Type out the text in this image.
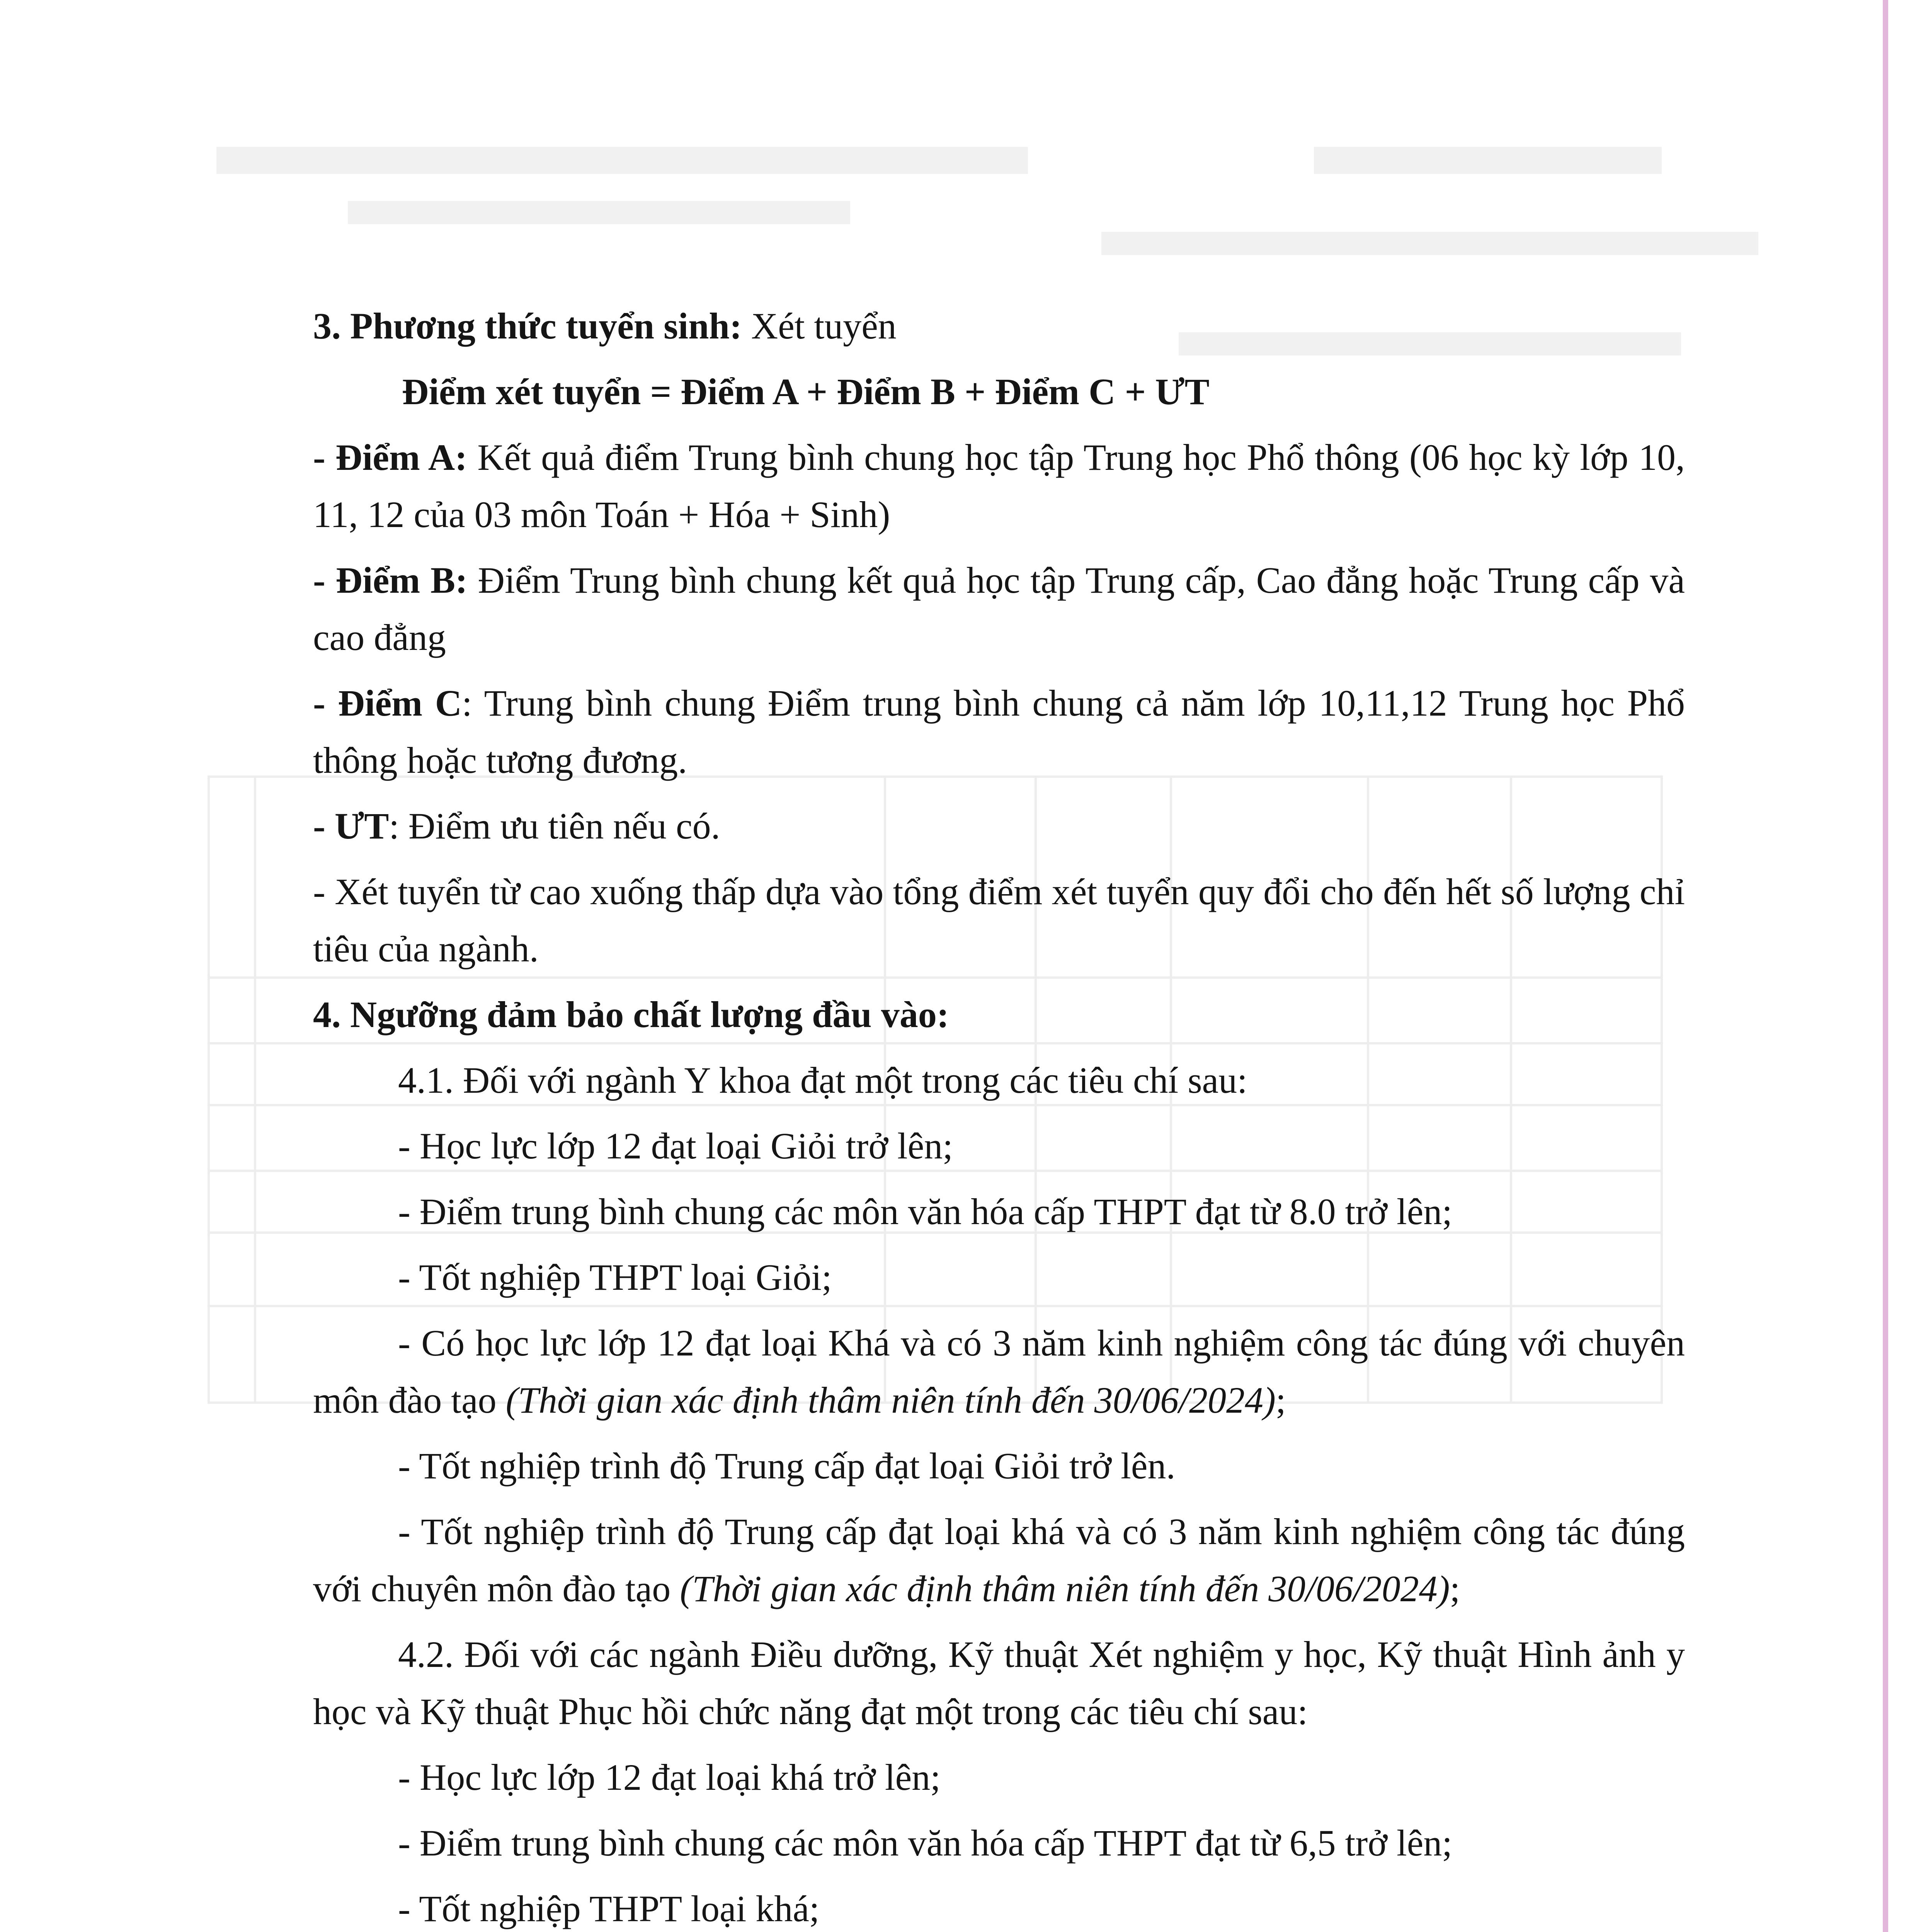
3. Phương thức tuyển sinh: Xét tuyển

Điểm xét tuyển = Điểm A + Điểm B + Điểm C + ƯT

- Điểm A: Kết quả điểm Trung bình chung học tập Trung học Phổ thông (06 học kỳ lớp 10, 11, 12 của 03 môn Toán + Hóa + Sinh)

- Điểm B: Điểm Trung bình chung kết quả học tập Trung cấp, Cao đẳng hoặc Trung cấp và cao đẳng

- Điểm C: Trung bình chung Điểm trung bình chung cả năm lớp 10,11,12 Trung học Phổ thông hoặc tương đương.

- ƯT: Điểm ưu tiên nếu có.

- Xét tuyển từ cao xuống thấp dựa vào tổng điểm xét tuyển quy đổi cho đến hết số lượng chỉ tiêu của ngành.

4. Ngưỡng đảm bảo chất lượng đầu vào:

4.1. Đối với ngành Y khoa đạt một trong các tiêu chí sau:

- Học lực lớp 12 đạt loại Giỏi trở lên;

- Điểm trung bình chung các môn văn hóa cấp THPT đạt từ 8.0 trở lên;

- Tốt nghiệp THPT loại Giỏi;

- Có học lực lớp 12 đạt loại Khá và có 3 năm kinh nghiệm công tác đúng với chuyên môn đào tạo (Thời gian xác định thâm niên tính đến 30/06/2024);

- Tốt nghiệp trình độ Trung cấp đạt loại Giỏi trở lên.

- Tốt nghiệp trình độ Trung cấp đạt loại khá và có 3 năm kinh nghiệm công tác đúng với chuyên môn đào tạo (Thời gian xác định thâm niên tính đến 30/06/2024);

4.2. Đối với các ngành Điều dưỡng, Kỹ thuật Xét nghiệm y học, Kỹ thuật Hình ảnh y học và Kỹ thuật Phục hồi chức năng đạt một trong các tiêu chí sau:

- Học lực lớp 12 đạt loại khá trở lên;

- Điểm trung bình chung các môn văn hóa cấp THPT đạt từ 6,5 trở lên;

- Tốt nghiệp THPT loại khá;
